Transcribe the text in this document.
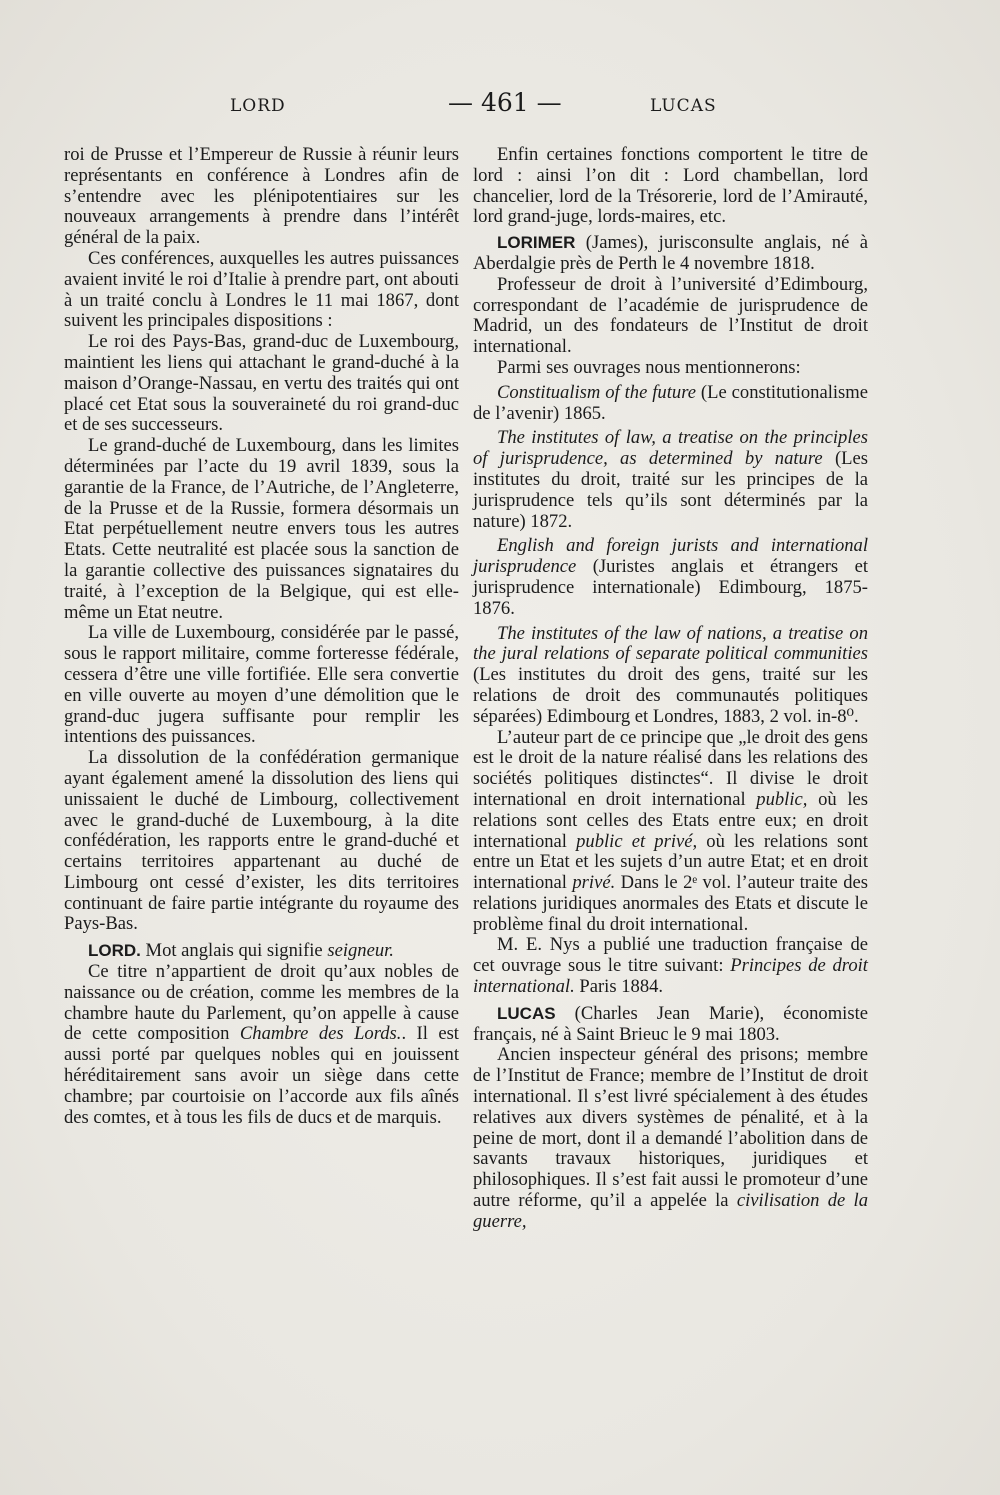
LORD	— 461 —	LUCAS

roi de Prusse et l’Empereur de Russie à réunir leurs représentants en conférence à Londres afin de s’entendre avec les plénipotentiaires sur les nouveaux arrangements à prendre dans l’intérêt général de la paix.

Ces conférences, auxquelles les autres puissances avaient invité le roi d’Italie à prendre part, ont abouti à un traité conclu à Londres le 11 mai 1867, dont suivent les principales dispositions :

Le roi des Pays-Bas, grand-duc de Luxembourg, maintient les liens qui attachant le grand-duché à la maison d’Orange-Nassau, en vertu des traités qui ont placé cet Etat sous la souveraineté du roi grand-duc et de ses successeurs.

Le grand-duché de Luxembourg, dans les limites déterminées par l’acte du 19 avril 1839, sous la garantie de la France, de l’Autriche, de l’Angleterre, de la Prusse et de la Russie, formera désormais un Etat perpétuellement neutre envers tous les autres Etats. Cette neutralité est placée sous la sanction de la garantie collective des puissances signataires du traité, à l’exception de la Belgique, qui est elle-même un Etat neutre.

La ville de Luxembourg, considérée par le passé, sous le rapport militaire, comme forteresse fédérale, cessera d’être une ville fortifiée. Elle sera convertie en ville ouverte au moyen d’une démolition que le grand-duc jugera suffisante pour remplir les intentions des puissances.

La dissolution de la confédération germanique ayant également amené la dissolution des liens qui unissaient le duché de Limbourg, collectivement avec le grand-duché de Luxembourg, à la dite confédération, les rapports entre le grand-duché et certains territoires appartenant au duché de Limbourg ont cessé d’exister, les dits territoires continuant de faire partie intégrante du royaume des Pays-Bas.

LORD. Mot anglais qui signifie seigneur.

Ce titre n’appartient de droit qu’aux nobles de naissance ou de création, comme les membres de la chambre haute du Parlement, qu’on appelle à cause de cette composition Chambre des Lords.. Il est aussi porté par quelques nobles qui en jouissent héréditairement sans avoir un siège dans cette chambre; par courtoisie on l’accorde aux fils aînés des comtes, et à tous les fils de ducs et de marquis.

Enfin certaines fonctions comportent le titre de lord : ainsi l’on dit : Lord chambellan, lord chancelier, lord de la Trésorerie, lord de l’Amirauté, lord grand-juge, lords-maires, etc.

LORIMER (James), jurisconsulte anglais, né à Aberdalgie près de Perth le 4 novembre 1818.

Professeur de droit à l’université d’Edimbourg, correspondant de l’académie de jurisprudence de Madrid, un des fondateurs de l’Institut de droit international.

Parmi ses ouvrages nous mentionnerons:

Constitualism of the future (Le constitutionalisme de l’avenir) 1865.

The institutes of law, a treatise on the principles of jurisprudence, as determined by nature (Les institutes du droit, traité sur les principes de la jurisprudence tels qu’ils sont déterminés par la nature) 1872.

English and foreign jurists and international jurisprudence (Juristes anglais et étrangers et jurisprudence internationale) Edimbourg, 1875-1876.

The institutes of the law of nations, a treatise on the jural relations of separate political communities (Les institutes du droit des gens, traité sur les relations de droit des communautés politiques séparées) Edimbourg et Londres, 1883, 2 vol. in-8⁰.

L’auteur part de ce principe que „le droit des gens est le droit de la nature réalisé dans les relations des sociétés politiques distinctes“. Il divise le droit international en droit international public, où les relations sont celles des Etats entre eux; en droit international public et privé, où les relations sont entre un Etat et les sujets d’un autre Etat; et en droit international privé. Dans le 2ᵉ vol. l’auteur traite des relations juridiques anormales des Etats et discute le problème final du droit international.

M. E. Nys a publié une traduction française de cet ouvrage sous le titre suivant: Principes de droit international. Paris 1884.

LUCAS (Charles Jean Marie), économiste français, né à Saint Brieuc le 9 mai 1803.

Ancien inspecteur général des prisons; membre de l’Institut de France; membre de l’Institut de droit international. Il s’est livré spécialement à des études relatives aux divers systèmes de pénalité, et à la peine de mort, dont il a demandé l’abolition dans de savants travaux historiques, juridiques et philosophiques. Il s’est fait aussi le promoteur d’une autre réforme, qu’il a appelée la civilisation de la guerre,
